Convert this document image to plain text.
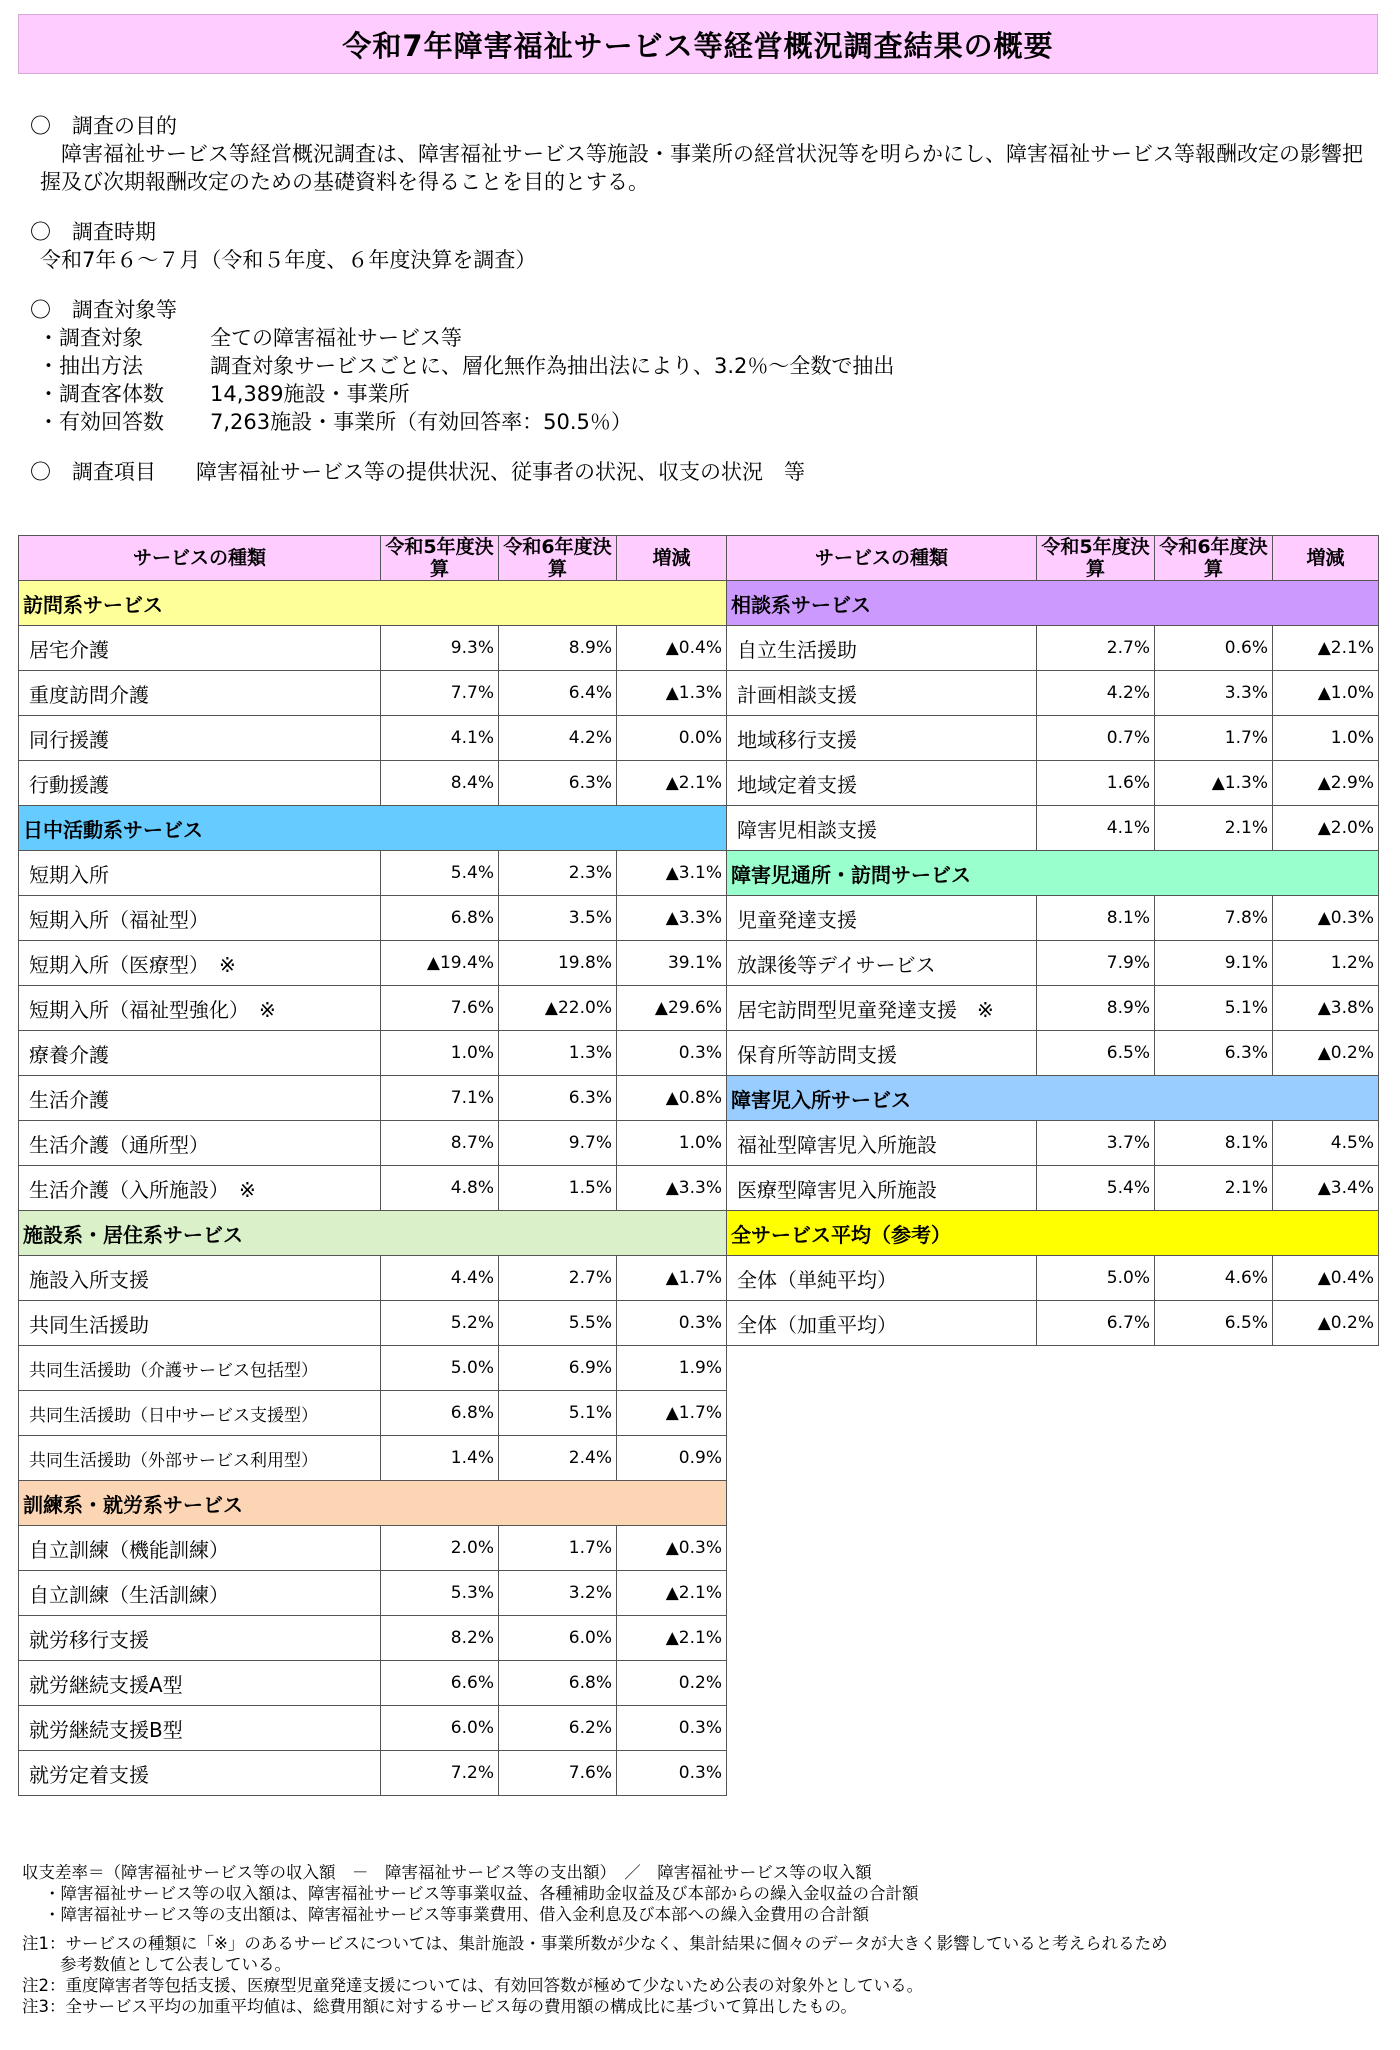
令和7年障害福祉サービス等経営概況調査結果の概要
〇　調査の目的
　障害福祉サービス等経営概況調査は、障害福祉サービス等施設・事業所の経営状況等を明らかにし、障害福祉サービス等報酬改定の影響把握及び次期報酬改定のための基礎資料を得ることを目的とする。
〇　調査時期
令和7年６～７月（令和５年度、６年度決算を調査）
〇　調査対象等
・調査対象	全ての障害福祉サービス等
・抽出方法	調査対象サービスごとに、層化無作為抽出法により、3.2％～全数で抽出
・調査客体数	14,389施設・事業所
・有効回答数	7,263施設・事業所（有効回答率：50.5％）
〇　調査項目 障害福祉サービス等の提供状況、従事者の状況、収支の状況　等
サービスの種類	令和5年度決算	令和6年度決算	増減
訪問系サービス			
居宅介護	9.3%	8.9%	▲0.4%
重度訪問介護	7.7%	6.4%	▲1.3%
同行援護	4.1%	4.2%	0.0%
行動援護	8.4%	6.3%	▲2.1%
日中活動系サービス			
短期入所	5.4%	2.3%	▲3.1%
短期入所（福祉型）	6.8%	3.5%	▲3.3%
短期入所（医療型）　※	▲19.4%	19.8%	39.1%
短期入所（福祉型強化）　※	7.6%	▲22.0%	▲29.6%
療養介護	1.0%	1.3%	0.3%
生活介護	7.1%	6.3%	▲0.8%
生活介護（通所型）	8.7%	9.7%	1.0%
生活介護（入所施設）　※	4.8%	1.5%	▲3.3%
施設系・居住系サービス			
施設入所支援	4.4%	2.7%	▲1.7%
共同生活援助	5.2%	5.5%	0.3%
共同生活援助（介護サービス包括型）	5.0%	6.9%	1.9%
共同生活援助（日中サービス支援型）	6.8%	5.1%	▲1.7%
共同生活援助（外部サービス利用型）	1.4%	2.4%	0.9%
訓練系・就労系サービス			
自立訓練（機能訓練）	2.0%	1.7%	▲0.3%
自立訓練（生活訓練）	5.3%	3.2%	▲2.1%
就労移行支援	8.2%	6.0%	▲2.1%
就労継続支援A型	6.6%	6.8%	0.2%
就労継続支援B型	6.0%	6.2%	0.3%
就労定着支援	7.2%	7.6%	0.3%
サービスの種類	令和5年度決算	令和6年度決算	増減
相談系サービス			
自立生活援助	2.7%	0.6%	▲2.1%
計画相談支援	4.2%	3.3%	▲1.0%
地域移行支援	0.7%	1.7%	1.0%
地域定着支援	1.6%	▲1.3%	▲2.9%
障害児相談支援	4.1%	2.1%	▲2.0%
障害児通所・訪問サービス			
児童発達支援	8.1%	7.8%	▲0.3%
放課後等デイサービス	7.9%	9.1%	1.2%
居宅訪問型児童発達支援　※	8.9%	5.1%	▲3.8%
保育所等訪問支援	6.5%	6.3%	▲0.2%
障害児入所サービス			
福祉型障害児入所施設	3.7%	8.1%	4.5%
医療型障害児入所施設	5.4%	2.1%	▲3.4%
全サービス平均（参考）			
全体（単純平均）	5.0%	4.6%	▲0.4%
全体（加重平均）	6.7%	6.5%	▲0.2%
収支差率＝（障害福祉サービス等の収入額　－　障害福祉サービス等の支出額）　／　障害福祉サービス等の収入額
・障害福祉サービス等の収入額は、障害福祉サービス等事業収益、各種補助金収益及び本部からの繰入金収益の合計額
・障害福祉サービス等の支出額は、障害福祉サービス等事業費用、借入金利息及び本部への繰入金費用の合計額
注1：サービスの種類に「※」のあるサービスについては、集計施設・事業所数が少なく、集計結果に個々のデータが大きく影響していると考えられるため
参考数値として公表している。
注2：重度障害者等包括支援、医療型児童発達支援については、有効回答数が極めて少ないため公表の対象外としている。
注3：全サービス平均の加重平均値は、総費用額に対するサービス毎の費用額の構成比に基づいて算出したもの。
